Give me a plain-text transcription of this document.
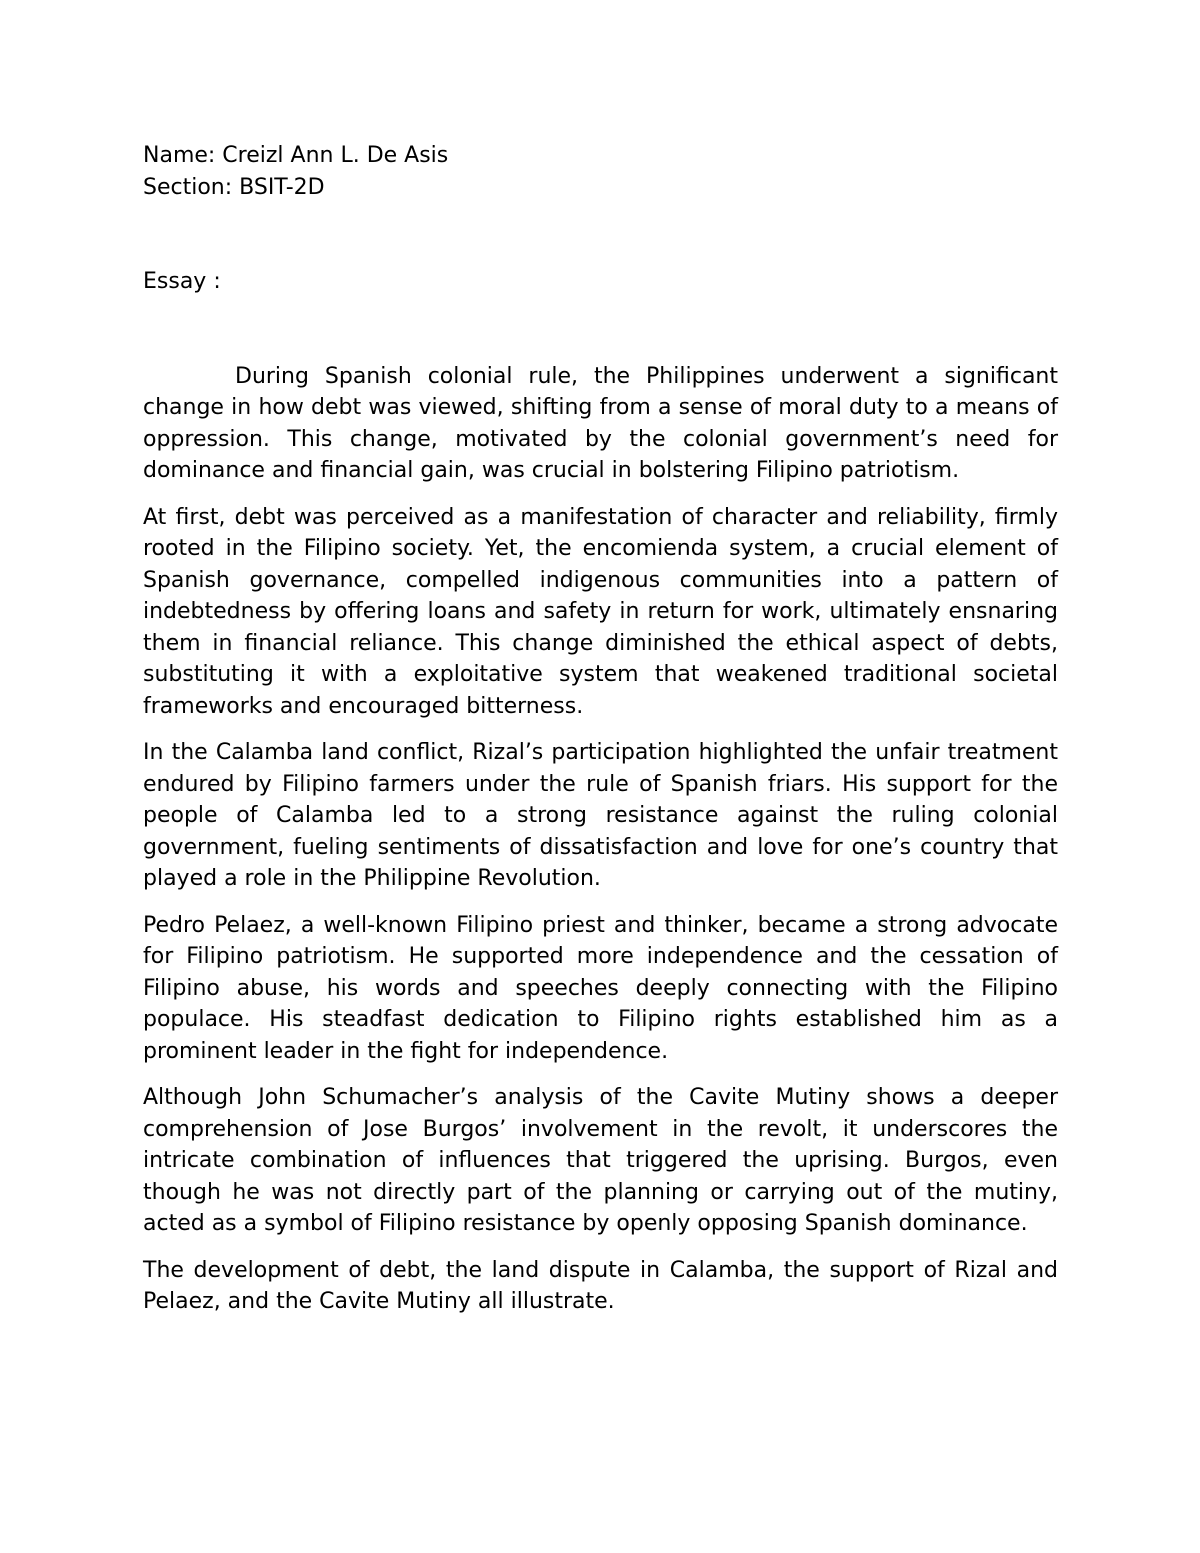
Name: Creizl Ann L. De Asis

Section: BSIT-2D

Essay :

During Spanish colonial rule, the Philippines underwent a significant change in how debt was viewed, shifting from a sense of moral duty to a means of oppression. This change, motivated by the colonial government’s need for dominance and financial gain, was crucial in bolstering Filipino patriotism.

At first, debt was perceived as a manifestation of character and reliability, firmly rooted in the Filipino society. Yet, the encomienda system, a crucial element of Spanish governance, compelled indigenous communities into a pattern of indebtedness by offering loans and safety in return for work, ultimately ensnaring them in financial reliance. This change diminished the ethical aspect of debts, substituting it with a exploitative system that weakened traditional societal frameworks and encouraged bitterness.

In the Calamba land conflict, Rizal’s participation highlighted the unfair treatment endured by Filipino farmers under the rule of Spanish friars. His support for the people of Calamba led to a strong resistance against the ruling colonial government, fueling sentiments of dissatisfaction and love for one’s country that played a role in the Philippine Revolution.

Pedro Pelaez, a well-known Filipino priest and thinker, became a strong advocate for Filipino patriotism. He supported more independence and the cessation of Filipino abuse, his words and speeches deeply connecting with the Filipino populace. His steadfast dedication to Filipino rights established him as a prominent leader in the fight for independence.

Although John Schumacher’s analysis of the Cavite Mutiny shows a deeper comprehension of Jose Burgos’ involvement in the revolt, it underscores the intricate combination of influences that triggered the uprising. Burgos, even though he was not directly part of the planning or carrying out of the mutiny, acted as a symbol of Filipino resistance by openly opposing Spanish dominance.

The development of debt, the land dispute in Calamba, the support of Rizal and Pelaez, and the Cavite Mutiny all illustrate.
